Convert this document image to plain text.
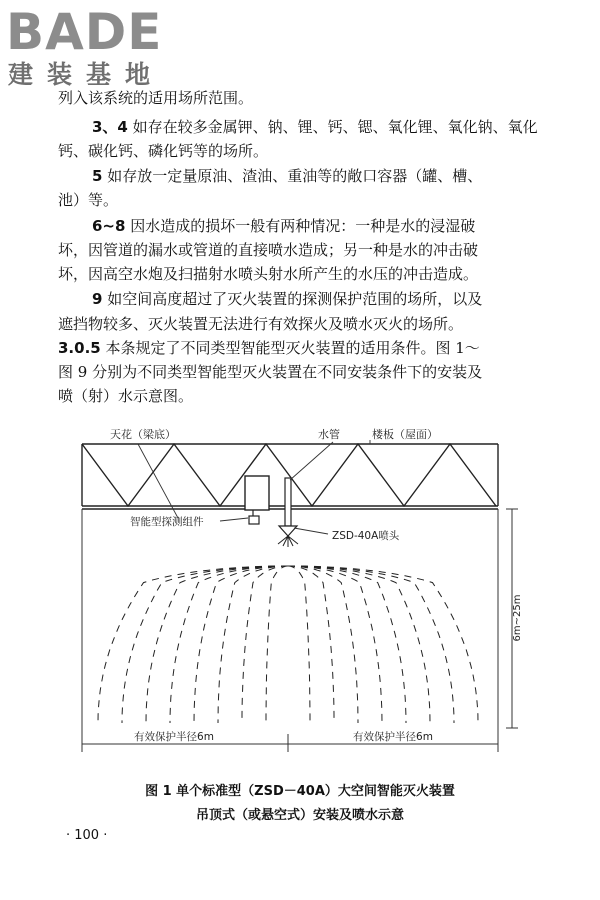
BADE
建装基地

列入该系统的适用场所范围。

3、4 如存在较多金属钾、钠、锂、钙、锶、氧化锂、氧化钠、氧化

钙、碳化钙、磷化钙等的场所。

5 如存放一定量原油、渣油、重油等的敞口容器（罐、槽、

池）等。

6~8 因水造成的损坏一般有两种情况：一种是水的浸湿破

坏，因管道的漏水或管道的直接喷水造成；另一种是水的冲击破

坏，因高空水炮及扫描射水喷头射水所产生的水压的冲击造成。

9 如空间高度超过了灭火装置的探测保护范围的场所，以及

遮挡物较多、灭火装置无法进行有效探火及喷水灭火的场所。

3.0.5 本条规定了不同类型智能型灭火装置的适用条件。图 1～

图 9 分别为不同类型智能型灭火装置在不同安装条件下的安装及

喷（射）水示意图。

6m~25m
有效保护半径6m	有效保护半径6m
天花（梁底）	水管	楼板（屋面）
智能型探测组件
ZSD-40A喷头
图 1 单个标准型（ZSD－40A）大空间智能灭火装置
吊顶式（或悬空式）安装及喷水示意
· 100 ·
